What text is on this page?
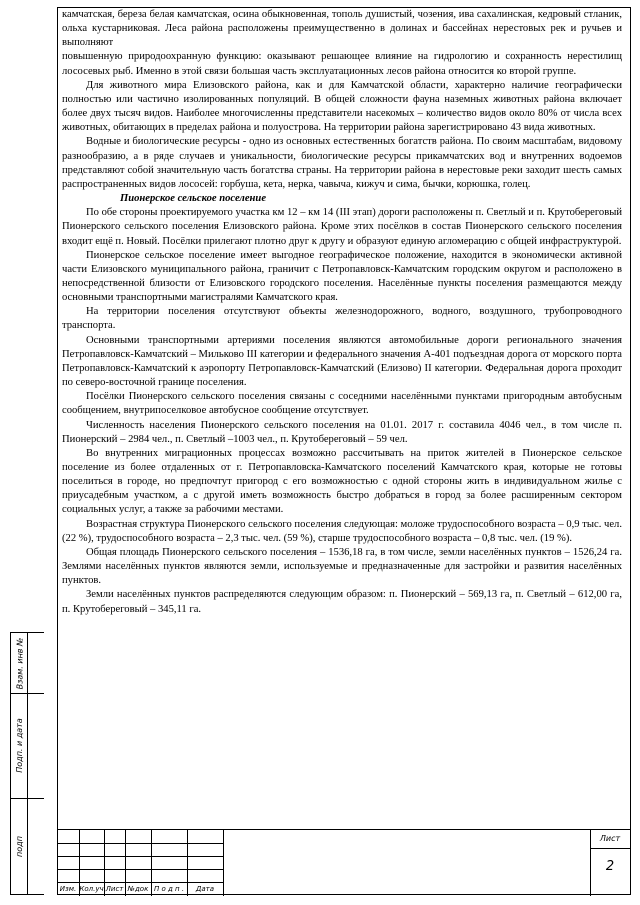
камчатская, береза белая камчатская, осина обыкновенная, тополь душистый, чозения, ива сахалинская, кедровый стланик, ольха кустарниковая. Леса района расположены преимущественно в долинах и бассейнах нерестовых рек и ручьев и выполняют

повышенную природоохранную функцию: оказывают решающее влияние на гидрологию и сохранность нерестилищ лососевых рыб. Именно в этой связи большая часть эксплуатационных лесов района относится ко второй группе.

Для животного мира Елизовского района, как и для Камчатской области, характерно наличие географически полностью или частично изолированных популяций. В общей сложности фауна наземных животных района включает более двух тысяч видов. Наиболее многочисленны представители насекомых – количество видов около 80% от числа всех животных, обитающих в пределах района и полуострова. На территории района зарегистрировано 43 вида животных.

Водные и биологические ресурсы - одно из основных естественных богатств района. По своим масштабам, видовому разнообразию, а в ряде случаев и уникальности, биологические ресурсы прикамчатских вод и внутренних водоемов представляют собой значительную часть богатства страны. На территории района в нерестовые реки заходит шесть самых распространенных видов лососей: горбуша, кета, нерка, чавыча, кижуч и сима, бычки, корюшка, голец.

Пионерское сельское поселение

По обе стороны проектируемого участка км 12 – км 14 (III этап) дороги расположены п. Светлый и п. Крутобереговый Пионерского сельского поселения Елизовского района. Кроме этих посёлков в состав Пионерского сельского поселения входит ещё п. Новый. Посёлки прилегают плотно друг к другу и образуют единую агломерацию с общей инфраструктурой.

Пионерское сельское поселение имеет выгодное географическое положение, находится в экономически активной части Елизовского муниципального района, граничит с Петропавловск-Камчатским городским округом и расположено в непосредственной близости от Елизовского городского поселения. Населённые пункты поселения размещаются между основными транспортными магистралями Камчатского края.

На территории поселения отсутствуют объекты железнодорожного, водного, воздушного, трубопроводного транспорта.

Основными транспортными артериями поселения являются автомобильные дороги регионального значения Петропавловск-Камчатский – Мильково III категории и федерального значения А-401 подъездная дорога от морского порта Петропавловск-Камчатский к аэропорту Петропавловск-Камчатский (Елизово) II категории. Федеральная дорога проходит по северо-восточной границе поселения.

Посёлки Пионерского сельского поселения связаны с соседними населёнными пунктами пригородным автобусным сообщением, внутрипоселковое автобусное сообщение отсутствует.

Численность населения Пионерского сельского поселения на 01.01. 2017 г. составила 4046 чел., в том числе п. Пионерский – 2984 чел., п. Светлый –1003 чел., п. Крутобереговый – 59 чел.

Во внутренних миграционных процессах возможно рассчитывать на приток жителей в Пионерское сельское поселение из более отдаленных от г. Петропавловска-Камчатского поселений Камчатского края, которые не готовы поселиться в городе, но предпочтут пригород с его возможностью с одной стороны жить в индивидуальном жилье с приусадебным участком, а с другой иметь возможность быстро добраться в город за более расширенным сектором социальных услуг, а также за рабочими местами.

Возрастная структура Пионерского сельского поселения следующая: моложе трудоспособного возраста – 0,9 тыс. чел. (22 %), трудоспособного возраста – 2,3 тыс. чел. (59 %), старше трудоспособного возраста – 0,8 тыс. чел. (19 %).

Общая площадь Пионерского сельского поселения – 1536,18 га, в том числе, земли населённых пунктов – 1526,24 га. Землями населённых пунктов являются земли, используемые и предназначенные для застройки и развития населённых пунктов.

Земли населённых пунктов распределяются следующим образом: п. Пионерский – 569,13 га, п. Светлый – 612,00 га, п. Крутобереговый – 345,11 га.

Взам. инв №
Подп. и дата
подп
Изм. Кол.уч Лист №док П о д п .	Дата
Лист
2
